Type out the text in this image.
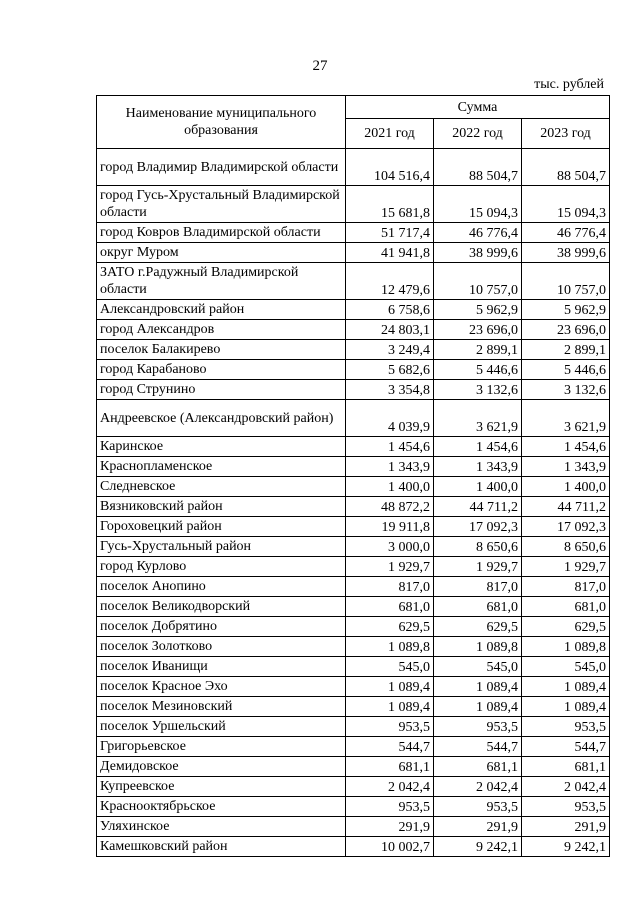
27
тыс. рублей
Наименование муниципального образования	Сумма		
	2021 год	2022 год	2023 год
город Владимир Владимирской области	104 516,4	88 504,7	88 504,7
город Гусь-Хрустальный Владимирской области	15 681,8	15 094,3	15 094,3
город Ковров Владимирской области	51 717,4	46 776,4	46 776,4
округ Муром	41 941,8	38 999,6	38 999,6
ЗАТО г.Радужный Владимирской области	12 479,6	10 757,0	10 757,0
Александровский район	6 758,6	5 962,9	5 962,9
город Александров	24 803,1	23 696,0	23 696,0
поселок Балакирево	3 249,4	2 899,1	2 899,1
город Карабаново	5 682,6	5 446,6	5 446,6
город Струнино	3 354,8	3 132,6	3 132,6
Андреевское (Александровский район)	4 039,9	3 621,9	3 621,9
Каринское	1 454,6	1 454,6	1 454,6
Краснопламенское	1 343,9	1 343,9	1 343,9
Следневское	1 400,0	1 400,0	1 400,0
Вязниковский район	48 872,2	44 711,2	44 711,2
Гороховецкий район	19 911,8	17 092,3	17 092,3
Гусь-Хрустальный район	3 000,0	8 650,6	8 650,6
город Курлово	1 929,7	1 929,7	1 929,7
поселок Анопино	817,0	817,0	817,0
поселок Великодворский	681,0	681,0	681,0
поселок Добрятино	629,5	629,5	629,5
поселок Золотково	1 089,8	1 089,8	1 089,8
поселок Иванищи	545,0	545,0	545,0
поселок Красное Эхо	1 089,4	1 089,4	1 089,4
поселок Мезиновский	1 089,4	1 089,4	1 089,4
поселок Уршельский	953,5	953,5	953,5
Григорьевское	544,7	544,7	544,7
Демидовское	681,1	681,1	681,1
Купреевское	2 042,4	2 042,4	2 042,4
Краснооктябрьское	953,5	953,5	953,5
Уляхинское	291,9	291,9	291,9
Камешковский район	10 002,7	9 242,1	9 242,1
